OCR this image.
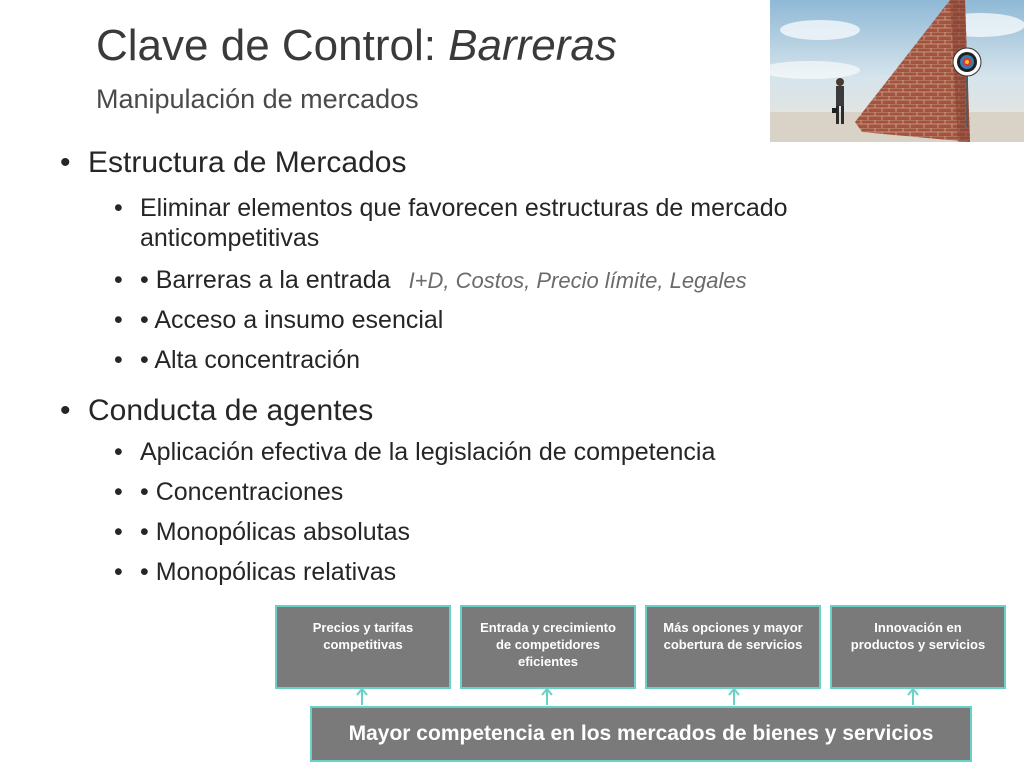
Clave de Control: Barreras
Manipulación de mercados
• Estructura de Mercados
• Eliminar elementos que favorecen estructuras de mercado anticompetitivas
• • Barreras a la entrada I+D, Costos, Precio límite, Legales
• • Acceso a insumo esencial
• • Alta concentración
• Conducta de agentes
• Aplicación efectiva de la legislación de competencia
• • Concentraciones
• • Monopólicas absolutas
• • Monopólicas relativas
Precios y tarifas competitivas
Entrada y crecimiento de competidores eficientes
Más opciones y mayor cobertura de servicios
Innovación en productos y servicios
Mayor competencia en los mercados de bienes y servicios
